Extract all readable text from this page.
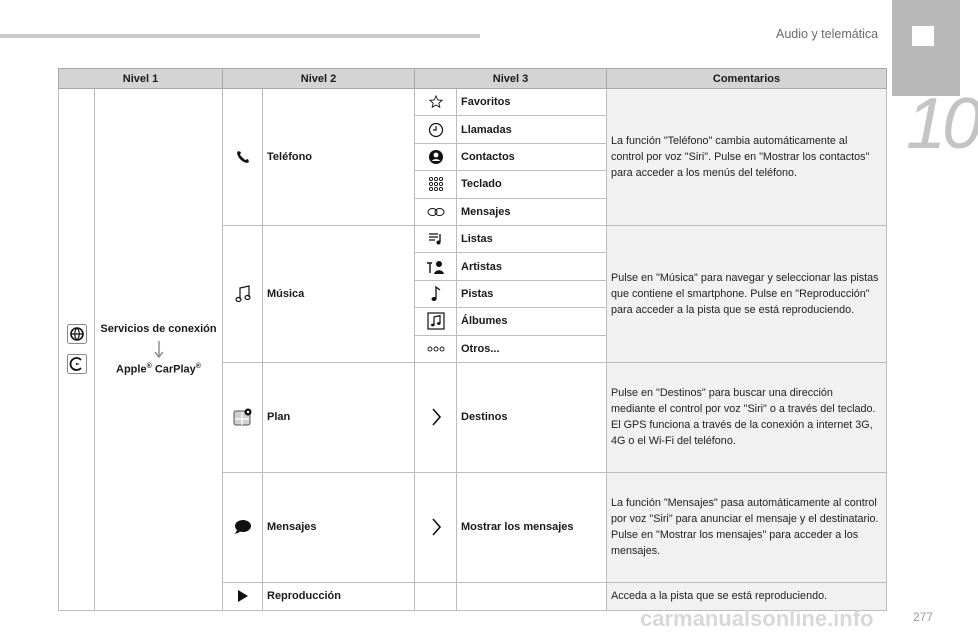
Audio y telemática
10
Nivel 1		Nivel 2		Nivel 3		Comentarios

Servicios de conexión
Apple® CarPlay®		Teléfono		Favoritos	La función "Teléfono" cambia automáticamente al control por voz "Siri". Pulse en "Mostrar los contactos" para acceder a los menús del teléfono.

	Llamadas	

	Contactos	

	Teclado	

	Mensajes	

	Música		Listas	Pulse en "Música" para navegar y seleccionar las pistas que contiene el smartphone. Pulse en "Reproducción" para acceder a la pista que se está reproduciendo.

	Artistas	

	Pistas	

	Álbumes	

	Otros...	

	Plan		Destinos	Pulse en "Destinos" para buscar una dirección mediante el control por voz "Siri" o a través del teclado. El GPS funciona a través de la conexión a internet 3G, 4G o el Wi-Fi del teléfono.

	Mensajes		Mostrar los mensajes	La función "Mensajes" pasa automáticamente al control por voz "Siri" para anunciar el mensaje y el destinatario. Pulse en "Mostrar los mensajes" para acceder a los mensajes.

	Reproducción			Acceda a la pista que se está reproduciendo.
carmanualsonline.info	277
